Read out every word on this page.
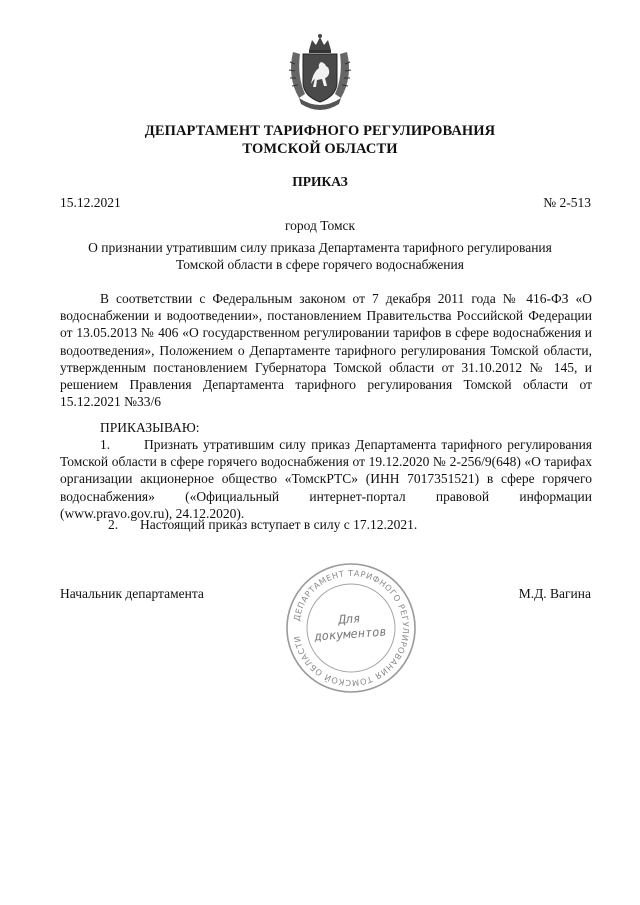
ДЕПАРТАМЕНТ ТАРИФНОГО РЕГУЛИРОВАНИЯ
ТОМСКОЙ ОБЛАСТИ
ПРИКАЗ
15.12.2021	№ 2-513
город Томск
О признании утратившим силу приказа Департамента тарифного регулирования
Томской области в сфере горячего водоснабжения

В соответствии с Федеральным законом от 7 декабря 2011 года № 416-ФЗ «О водоснабжении и водоотведении», постановлением Правительства Российской Федерации от 13.05.2013 № 406 «О государственном регулировании тарифов в сфере водоснабжения и водоотведения», Положением о Департаменте тарифного регулирования Томской области, утвержденным постановлением Губернатора Томской области от 31.10.2012 № 145, и решением Правления Департамента тарифного регулирования Томской области от 15.12.2021 №33/6

ПРИКАЗЫВАЮ:

1.	Признать утратившим силу приказ Департамента тарифного регулирования Томской области в сфере горячего водоснабжения от 19.12.2020 № 2-256/9(648) «О тарифах организации акционерное общество «ТомскРТС» (ИНН 7017351521) в сфере горячего водоснабжения» («Официальный интернет-портал правовой информации (www.pravo.gov.ru), 24.12.2020).

2. Настоящий приказ вступает в силу с 17.12.2021.

Начальник департамента	М.Д. Вагина
ДЕПАРТАМЕНТ ТАРИФНОГО РЕГУЛИРОВАНИЯ ТОМСКОЙ ОБЛАСТИ
Для
документов
